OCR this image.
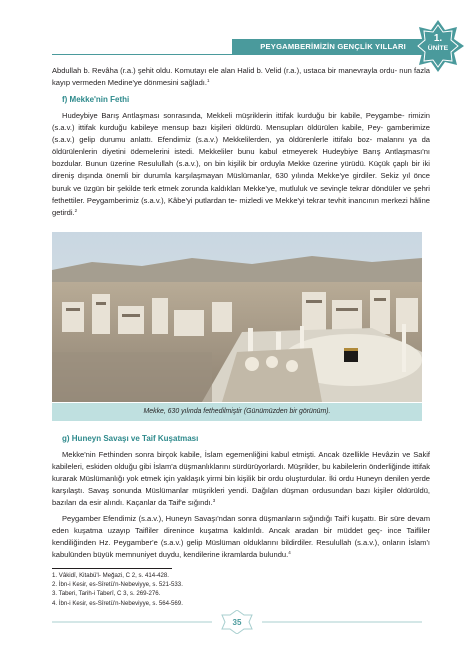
PEYGAMBERİMİZİN GENÇLİK YILLARI
1.
ÜNİTE

Abdullah b. Revâha (r.a.) şehit oldu. Komutayı ele alan Halid b. Velid (r.a.), ustaca bir manevrayla ordu- nun fazla kayıp vermeden Medine'ye dönmesini sağladı.$^1$

f) Mekke'nin Fethi

Hudeybiye Barış Antlaşması sonrasında, Mekkeli müşriklerin ittifak kurduğu bir kabile, Peygambe- rimizin (s.a.v.) ittifak kurduğu kabileye mensup bazı kişileri öldürdü. Mensupları öldürülen kabile, Pey- gamberimize (s.a.v.) gelip durumu anlattı. Efendimiz (s.a.v.) Mekkelilerden, ya öldürenlerle ittifakı boz- malarını ya da öldürülenlerin diyetini ödemelerini istedi. Mekkeliler bunu kabul etmeyerek Hudeybiye Barış Antlaşması'nı bozdular. Bunun üzerine Resulullah (s.a.v.), on bin kişilik bir orduyla Mekke üzerine yürüdü. Küçük çaplı bir iki direniş dışında önemli bir durumla karşılaşmayan Müslümanlar, 630 yılında Mekke'ye girdiler. Sekiz yıl önce buruk ve üzgün bir şekilde terk etmek zorunda kaldıkları Mekke'ye, mutluluk ve sevinçle tekrar döndüler ve şehri fethettiler. Peygamberimiz (s.a.v.), Kâbe'yi putlardan te- mizledi ve Mekke'yi tekrar tevhit inancının merkezi hâline getirdi.$^2$

Mekke, 630 yılında fethedilmiştir (Günümüzden bir görünüm).

g) Huneyn Savaşı ve Taif Kuşatması

Mekke'nin Fethinden sonra birçok kabile, İslam egemenliğini kabul etmişti. Ancak özellikle Hevâzin ve Sakif kabileleri, eskiden olduğu gibi İslam'a düşmanlıklarını sürdürüyorlardı. Müşrikler, bu kabilelerin önderliğinde ittifak kurarak Müslümanlığı yok etmek için yaklaşık yirmi bin kişilik bir ordu oluşturdular. İki ordu Huneyn denilen yerde karşılaştı. Savaş sonunda Müslümanlar müşrikleri yendi. Dağılan düşman ordusundan bazı kişiler öldürüldü, bazıları da esir alındı. Kaçanlar da Taif'e sığındı.$^3$

Peygamber Efendimiz (s.a.v.), Huneyn Savaşı'ndan sonra düşmanların sığındığı Taif'i kuşattı. Bir süre devam eden kuşatma uzayıp Taifliler direnince kuşatma kaldırıldı. Ancak aradan bir müddet geç- ince Taifliler kendiliğinden Hz. Peygamber'e (s.a.v.) gelip Müslüman olduklarını bildirdiler. Resulullah (s.a.v.), onların İslam'ı kabulünden büyük memnuniyet duydu, kendilerine ikramlarda bulundu.$^4$

1. Vâkidî, Kitabü'l- Meğazi, C 2, s. 414-428.
2. İbn-i Kesir, es-Sîretü'n-Nebeviyye, s. 521-533.
3. Taberi, Tarih-i Taberî, C 3, s. 269-276.
4. İbn-i Kesir, es-Sîretü'n-Nebeviyye, s. 564-569.
35
